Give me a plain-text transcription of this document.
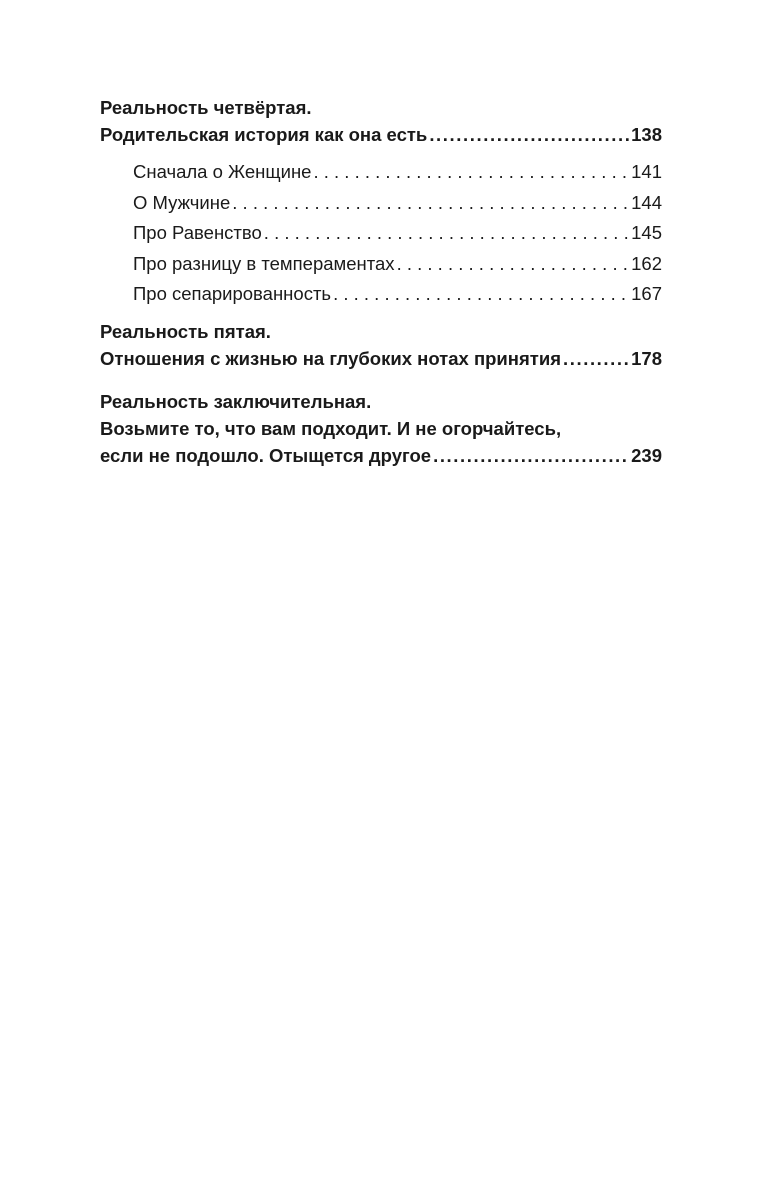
Реальность четвёртая.
Родительская история как она есть .....	138
Сначала о Женщине . . .	141
О Мужчине . . .	144
Про Равенство . . .	145
Про разницу в темпераментах . . .	162
Про сепарированность . . .	167
Реальность пятая.
Отношения с жизнью на глубоких нотах принятия .....	178
Реальность заключительная.
Возьмите то, что вам подходит. И не огорчайтесь,
если не подошло. Отыщется другое .....	239
